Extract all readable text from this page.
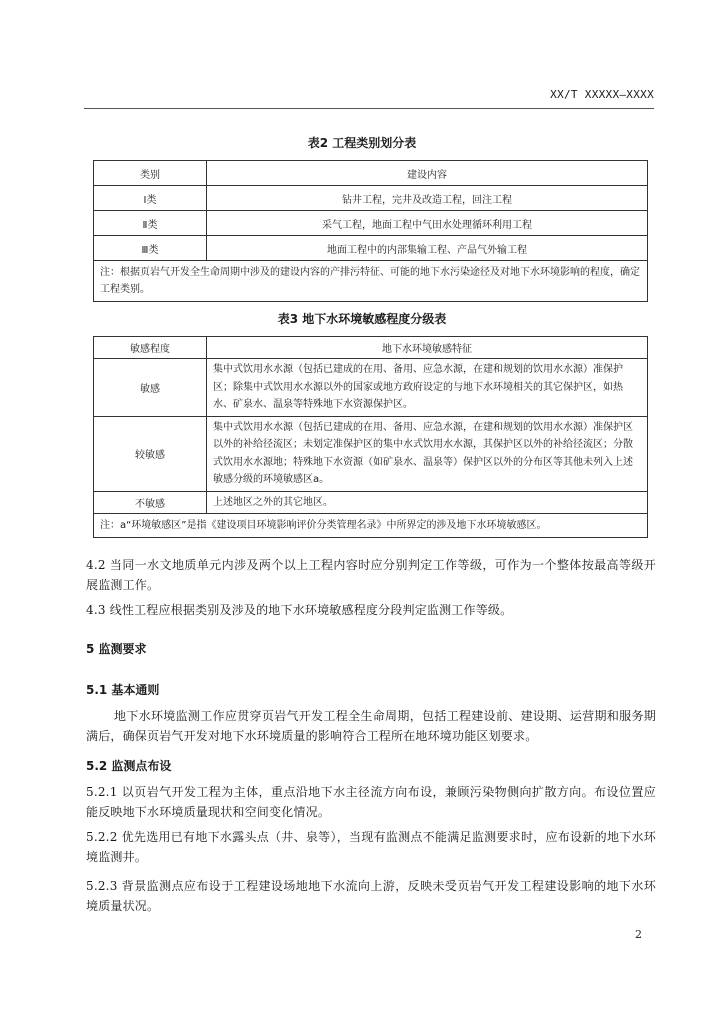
XX/T XXXXX—XXXX
表2 工程类别划分表
类别	建设内容
Ⅰ类	钻井工程，完井及改造工程，回注工程
Ⅱ类	采气工程，地面工程中气田水处理循环利用工程
Ⅲ类	地面工程中的内部集输工程、产品气外输工程
注：根据页岩气开发全生命周期中涉及的建设内容的产排污特征、可能的地下水污染途径及对地下水环境影响的程度，确定工程类别。	
表3 地下水环境敏感程度分级表
敏感程度	地下水环境敏感特征
敏感	集中式饮用水水源（包括已建成的在用、备用、应急水源，在建和规划的饮用水水源）准保护区；除集中式饮用水水源以外的国家或地方政府设定的与地下水环境相关的其它保护区，如热水、矿泉水、温泉等特殊地下水资源保护区。
较敏感	集中式饮用水水源（包括已建成的在用、备用、应急水源，在建和规划的饮用水水源）准保护区以外的补给径流区；未划定准保护区的集中水式饮用水水源，其保护区以外的补给径流区；分散式饮用水水源地；特殊地下水资源（如矿泉水、温泉等）保护区以外的分布区等其他未列入上述敏感分级的环境敏感区a。
不敏感	上述地区之外的其它地区。
注：a“环境敏感区”是指《建设项目环境影响评价分类管理名录》中所界定的涉及地下水环境敏感区。	
4.2 当同一水文地质单元内涉及两个以上工程内容时应分别判定工作等级，可作为一个整体按最高等级开展监测工作。
4.3 线性工程应根据类别及涉及的地下水环境敏感程度分段判定监测工作等级。
5 监测要求
5.1 基本通则
地下水环境监测工作应贯穿页岩气开发工程全生命周期，包括工程建设前、建设期、运营期和服务期满后，确保页岩气开发对地下水环境质量的影响符合工程所在地环境功能区划要求。
5.2 监测点布设
5.2.1 以页岩气开发工程为主体，重点沿地下水主径流方向布设，兼顾污染物侧向扩散方向。布设位置应能反映地下水环境质量现状和空间变化情况。
5.2.2 优先选用已有地下水露头点（井、泉等），当现有监测点不能满足监测要求时，应布设新的地下水环境监测井。
5.2.3 背景监测点应布设于工程建设场地地下水流向上游，反映未受页岩气开发工程建设影响的地下水环境质量状况。
2
